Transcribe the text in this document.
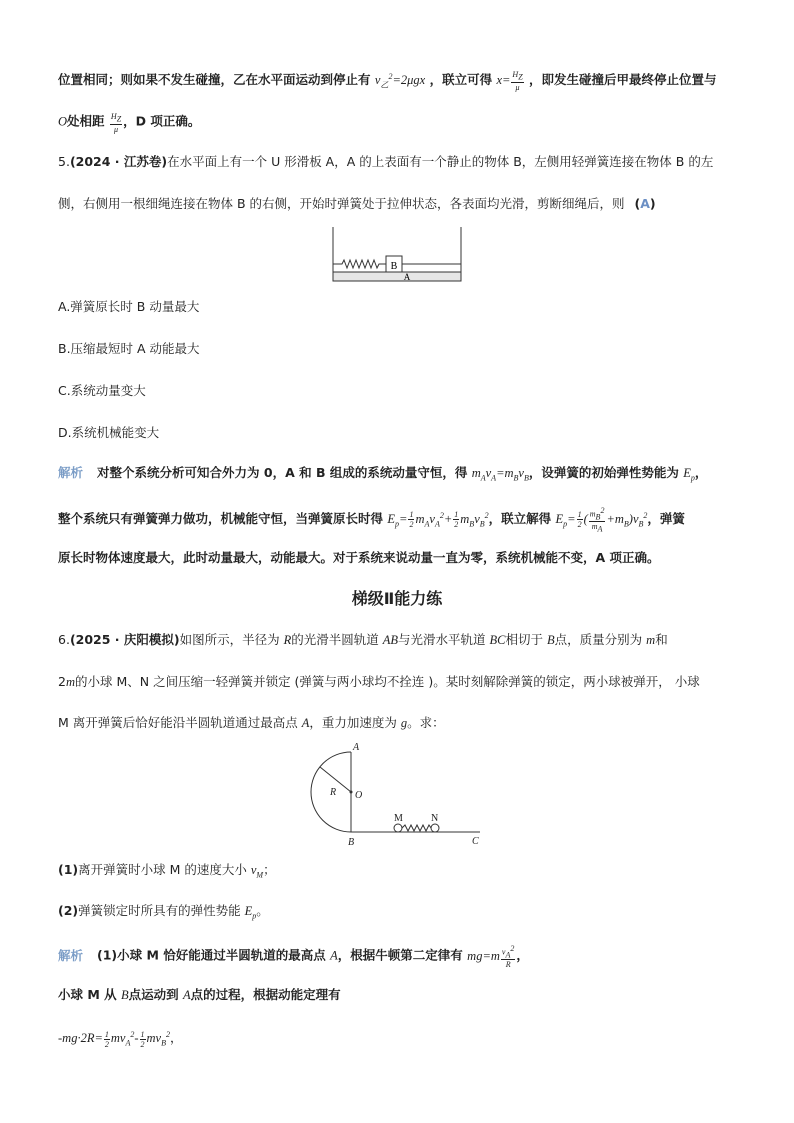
位置相同；则如果不发生碰撞，乙在水平面运动到停止有 $v_乙^2=2\mu gx$ ，联立可得 $x= \frac{H_Z}{\mu}$ ，即发生碰撞后甲最终停止位置与
O处相距 $\frac{H_Z}{\mu}$ ，D 项正确。
5.(2024 · 江苏卷)在水平面上有一个 U 形滑板 A，A 的上表面有一个静止的物体 B，左侧用轻弹簧连接在物体 B 的左
侧，右侧用一根细绳连接在物体 B 的右侧，开始时弹簧处于拉伸状态，各表面均光滑，剪断细绳后，则 (A)
B
A
A.弹簧原长时 B 动量最大
B.压缩最短时 A 动能最大
C.系统动量变大
D.系统机械能变大
解析 对整个系统分析可知合外力为 0，A 和 B 组成的系统动量守恒，得 $m_Av_A=m_Bv_B$，设弹簧的初始弹性势能为 $E_p$，
整个系统只有弹簧弹力做功，机械能守恒，当弹簧原长时得 $E_p= \frac{1}{2} m_Av_A^2+ \frac{1}{2} m_Bv_B^2$，联立解得 $E_p= \frac{1}{2}$ ( $\frac{m_B^2}{m_A} +m_B)v_B^2$，弹簧
原长时物体速度最大，此时动量最大，动能最大。对于系统来说动量一直为零，系统机械能不变，A 项正确。
梯级Ⅱ能力练
6.(2025 · 庆阳模拟)如图所示，半径为 R的光滑半圆轨道 AB与光滑水平轨道 BC相切于 B点，质量分别为 m和
2m的小球 M、N 之间压缩一轻弹簧并锁定 (弹簧与两小球均不拴连 )。某时刻解除弹簧的锁定，两小球被弹开， 小球
M 离开弹簧后恰好能沿半圆轨道通过最高点 A，重力加速度为 g。求：
A
R O
M	N
B	C
(1)离开弹簧时小球 M 的速度大小 $v_M$；
(2)弹簧锁定时所具有的弹性势能 $E_p$。
解析 (1)小球 M 恰好能通过半圆轨道的最高点 A，根据牛顿第二定律有 $mg=m \frac{v_A^2}{R}$ ，
小球 M 从 B点运动到 A点的过程，根据动能定理有
$-mg\cdot 2R= \frac{1}{2} mv_A^2- \frac{1}{2} mv_B^2$，
